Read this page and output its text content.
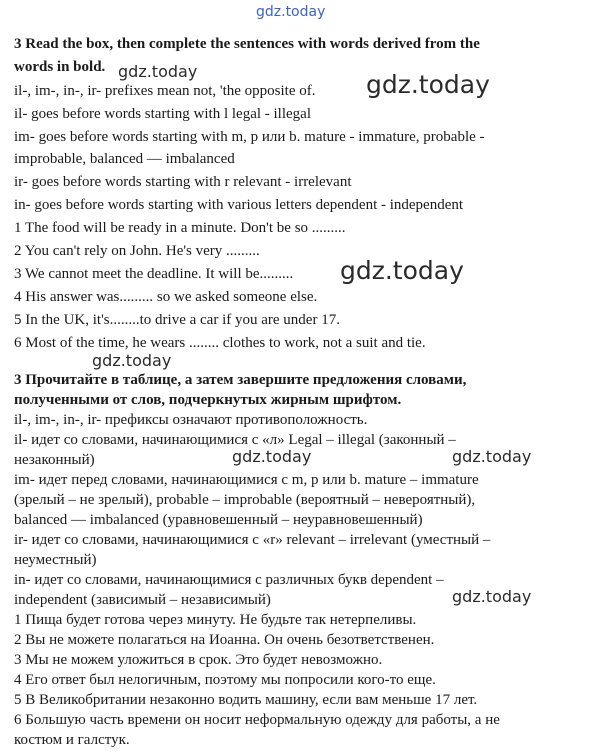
3 Read the box, then complete the sentences with words derived from the
words in bold.
il-, im-, in-, ir- prefixes mean not, 'the opposite of.
il- goes before words starting with l legal - illegal
im- goes before words starting with m, p или b. mature - immature, probable -
improbable, balanced — imbalanced
ir- goes before words starting with r relevant - irrelevant
in- goes before words starting with various letters dependent - independent
1 The food will be ready in a minute. Don't be so .........
2 You can't rely on John. He's very .........
3 We cannot meet the deadline. It will be.........
4 His answer was......... so we asked someone else.
5 In the UK, it's........to drive a car if you are under 17.
6 Most of the time, he wears ........ clothes to work, not a suit and tie.
3 Прочитайте в таблице, а затем завершите предложения словами,
полученными от слов, подчеркнутых жирным шрифтом.
il-, im-, in-, ir- префиксы означают противоположность.
il- идет со словами, начинающимися с «л» Legal – illegal (законный –
незаконный)
im- идет перед словами, начинающимися с m, p или b. mature – immature
(зрелый – не зрелый), probable – improbable (вероятный – невероятный),
balanced — imbalanced (уравновешенный – неуравновешенный)
ir- идет со словами, начинающимися с «r» relevant – irrelevant (уместный –
неуместный)
in- идет со словами, начинающимися с различных букв dependent –
independent (зависимый – независимый)
1 Пища будет готова через минуту. Не будьте так нетерпеливы.
2 Вы не можете полагаться на Иоанна. Он очень безответственен.
3 Мы не можем уложиться в срок. Это будет невозможно.
4 Его ответ был нелогичным, поэтому мы попросили кого-то еще.
5 В Великобритании незаконно водить машину, если вам меньше 17 лет.
6 Большую часть времени он носит неформальную одежду для работы, а не
костюм и галстук.
gdz.today
gdz.today	gdz.today
gdz.today
gdz.today
gdz.today	gdz.today
gdz.today
